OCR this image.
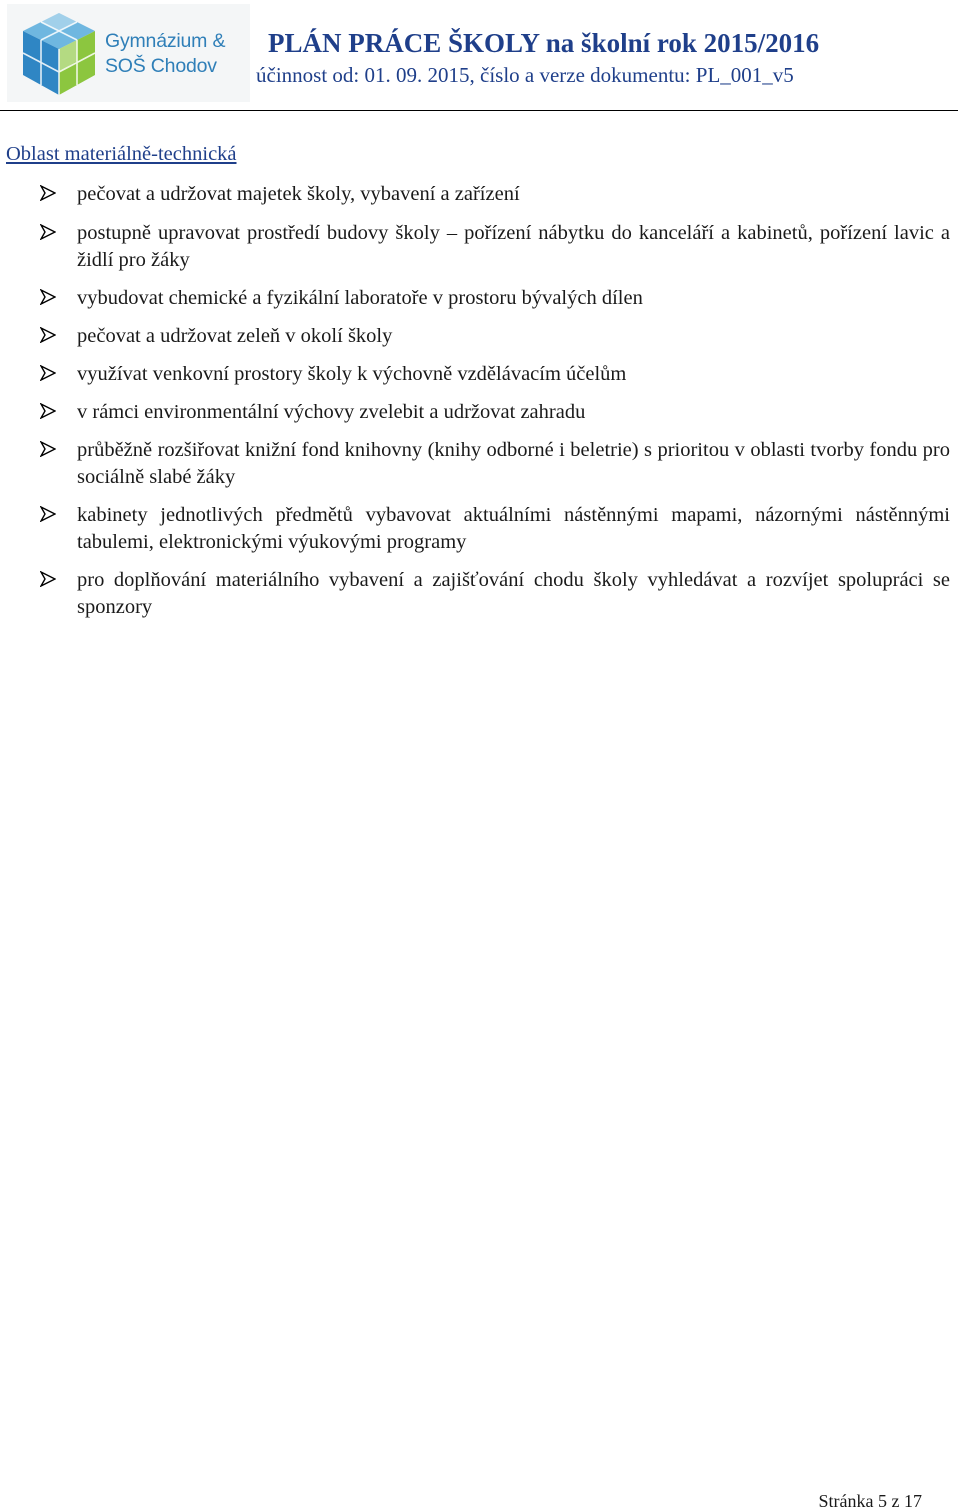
Gymnázium &
SOŠ Chodov
PLÁN PRÁCE ŠKOLY na školní rok 2015/2016
účinnost od: 01. 09. 2015, číslo a verze dokumentu: PL_001_v5
Oblast materiálně-technická
pečovat a udržovat majetek školy, vybavení a zařízení
postupně upravovat prostředí budovy školy – pořízení nábytku do kanceláří a kabinetů, pořízení lavic a židlí pro žáky
vybudovat chemické a fyzikální laboratoře v prostoru bývalých dílen
pečovat a udržovat zeleň v okolí školy
využívat venkovní prostory školy k výchovně vzdělávacím účelům
v rámci environmentální výchovy zvelebit a udržovat zahradu
průběžně rozšiřovat knižní fond knihovny (knihy odborné i beletrie) s prioritou v oblasti tvorby fondu pro sociálně slabé žáky
kabinety jednotlivých předmětů vybavovat aktuálními nástěnnými mapami, názornými nástěnnými tabulemi, elektronickými výukovými programy
pro doplňování materiálního vybavení a zajišťování chodu školy vyhledávat a rozvíjet spolupráci se sponzory
Stránka 5 z 17
